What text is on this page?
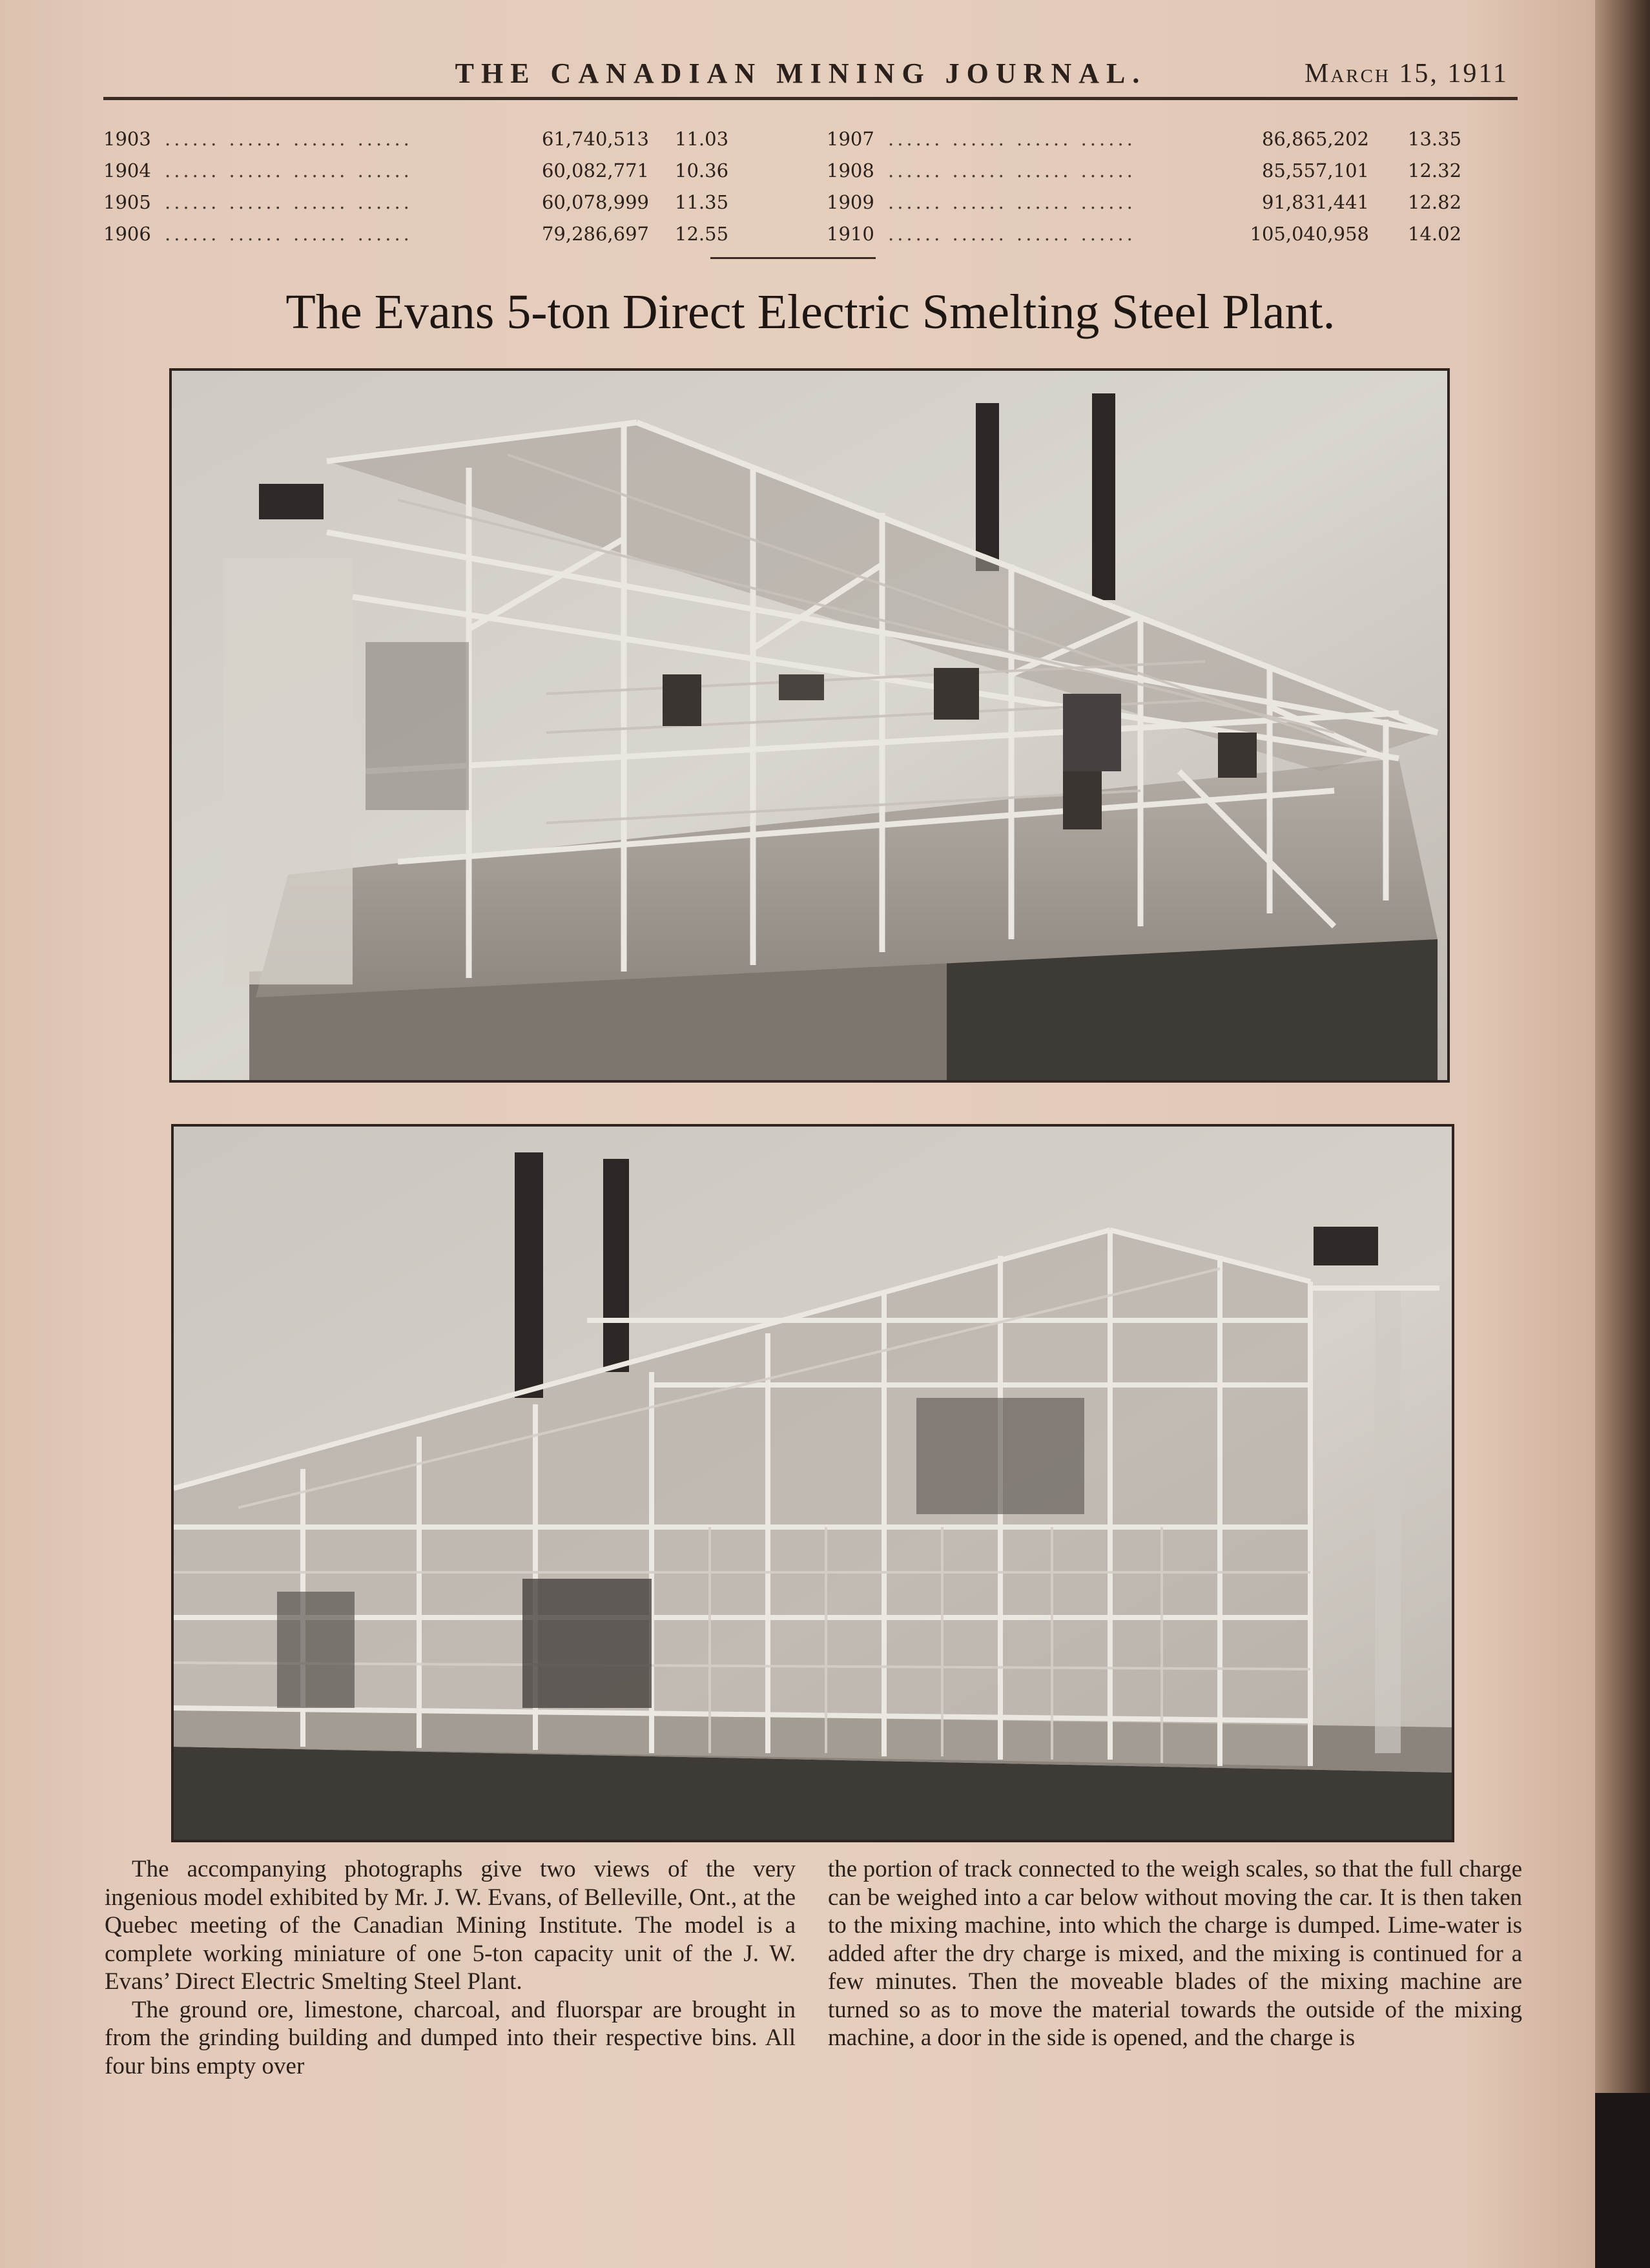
THE CANADIAN MINING JOURNAL.	March 15, 1911
1903 ...... ...... ...... ......	61,740,513 11.03
1904 ...... ...... ...... ......	60,082,771 10.36
1905 ...... ...... ...... ......	60,078,999 11.35
1906 ...... ...... ...... ......	79,286,697 12.55
1907 ...... ...... ...... ......	86,865,202 13.35
1908 ...... ...... ...... ......	85,557,101 12.32
1909 ...... ...... ...... ......	91,831,441 12.82
1910 ...... ...... ...... ......	105,040,958 14.02
The Evans 5-ton Direct Electric Smelting Steel Plant.

The accompanying photographs give two views of the very ingenious model exhibited by Mr. J. W. Evans, of Belleville, Ont., at the Quebec meeting of the Canadian Mining Institute. The model is a complete working miniature of one 5-ton capacity unit of the J. W. Evans’ Direct Electric Smelting Steel Plant.

The ground ore, limestone, charcoal, and fluorspar are brought in from the grinding building and dumped into their respective bins. All four bins empty over

the portion of track connected to the weigh scales, so that the full charge can be weighed into a car below without moving the car. It is then taken to the mixing machine, into which the charge is dumped. Lime-water is added after the dry charge is mixed, and the mixing is continued for a few minutes. Then the moveable blades of the mixing machine are turned so as to move the material towards the outside of the mixing machine, a door in the side is opened, and the charge is
